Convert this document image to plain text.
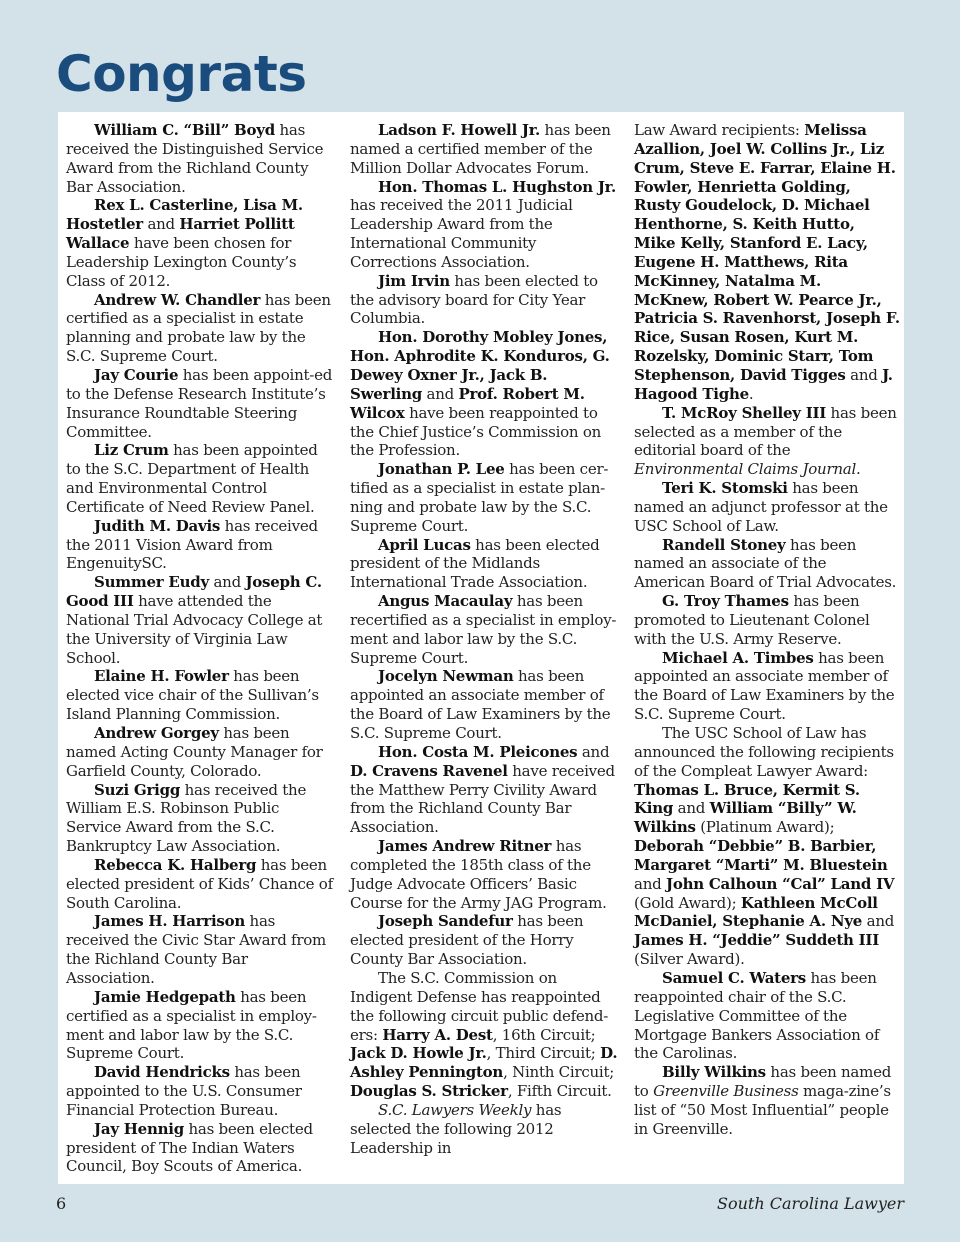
Congrats

William C. “Bill” Boyd has received the Distinguished Service Award from the Richland County Bar Association.

Rex L. Casterline, Lisa M. Hostetler and Harriet Pollitt Wallace have been chosen for Leadership Lexington County’s Class of 2012.

Andrew W. Chandler has been certified as a specialist in estate planning and probate law by the S.C. Supreme Court.

Jay Courie has been appoint-ed to the Defense Research Institute’s Insurance Roundtable Steering Committee.

Liz Crum has been appointed to the S.C. Department of Health and Environmental Control Certificate of Need Review Panel.

Judith M. Davis has received the 2011 Vision Award from EngenuitySC.

Summer Eudy and Joseph C. Good III have attended the National Trial Advocacy College at the University of Virginia Law School.

Elaine H. Fowler has been elected vice chair of the Sullivan’s Island Planning Commission.

Andrew Gorgey has been named Acting County Manager for Garfield County, Colorado.

Suzi Grigg has received the William E.S. Robinson Public Service Award from the S.C. Bankruptcy Law Association.

Rebecca K. Halberg has been elected president of Kids’ Chance of South Carolina.

James H. Harrison has received the Civic Star Award from the Richland County Bar Association.

Jamie Hedgepath has been certified as a specialist in employ-ment and labor law by the S.C. Supreme Court.

David Hendricks has been appointed to the U.S. Consumer Financial Protection Bureau.

Jay Hennig has been elected president of The Indian Waters Council, Boy Scouts of America.

Ladson F. Howell Jr. has been named a certified member of the Million Dollar Advocates Forum.

Hon. Thomas L. Hughston Jr. has received the 2011 Judicial Leadership Award from the International Community Corrections Association.

Jim Irvin has been elected to the advisory board for City Year Columbia.

Hon. Dorothy Mobley Jones, Hon. Aphrodite K. Konduros, G. Dewey Oxner Jr., Jack B. Swerling and Prof. Robert M. Wilcox have been reappointed to the Chief Justice’s Commission on the Profession.

Jonathan P. Lee has been cer-tified as a specialist in estate plan-ning and probate law by the S.C. Supreme Court.

April Lucas has been elected president of the Midlands International Trade Association.

Angus Macaulay has been recertified as a specialist in employ-ment and labor law by the S.C. Supreme Court.

Jocelyn Newman has been appointed an associate member of the Board of Law Examiners by the S.C. Supreme Court.

Hon. Costa M. Pleicones and D. Cravens Ravenel have received the Matthew Perry Civility Award from the Richland County Bar Association.

James Andrew Ritner has completed the 185th class of the Judge Advocate Officers’ Basic Course for the Army JAG Program.

Joseph Sandefur has been elected president of the Horry County Bar Association.

The S.C. Commission on Indigent Defense has reappointed the following circuit public defend-ers: Harry A. Dest, 16th Circuit; Jack D. Howle Jr., Third Circuit; D. Ashley Pennington, Ninth Circuit; Douglas S. Stricker, Fifth Circuit.

S.C. Lawyers Weekly has selected the following 2012 Leadership in

Law Award recipients: Melissa Azallion, Joel W. Collins Jr., Liz Crum, Steve E. Farrar, Elaine H. Fowler, Henrietta Golding, Rusty Goudelock, D. Michael Henthorne, S. Keith Hutto, Mike Kelly, Stanford E. Lacy, Eugene H. Matthews, Rita McKinney, Natalma M. McKnew, Robert W. Pearce Jr., Patricia S. Ravenhorst, Joseph F. Rice, Susan Rosen, Kurt M. Rozelsky, Dominic Starr, Tom Stephenson, David Tigges and J. Hagood Tighe.

T. McRoy Shelley III has been selected as a member of the editorial board of the Environmental Claims Journal.

Teri K. Stomski has been named an adjunct professor at the USC School of Law.

Randell Stoney has been named an associate of the American Board of Trial Advocates.

G. Troy Thames has been promoted to Lieutenant Colonel with the U.S. Army Reserve.

Michael A. Timbes has been appointed an associate member of the Board of Law Examiners by the S.C. Supreme Court.

The USC School of Law has announced the following recipients of the Compleat Lawyer Award: Thomas L. Bruce, Kermit S. King and William “Billy” W. Wilkins (Platinum Award); Deborah “Debbie” B. Barbier, Margaret “Marti” M. Bluestein and John Calhoun “Cal” Land IV (Gold Award); Kathleen McColl McDaniel, Stephanie A. Nye and James H. “Jeddie” Suddeth III (Silver Award).

Samuel C. Waters has been reappointed chair of the S.C. Legislative Committee of the Mortgage Bankers Association of the Carolinas.

Billy Wilkins has been named to Greenville Business maga-zine’s list of “50 Most Influential” people in Greenville.

6	South Carolina Lawyer
